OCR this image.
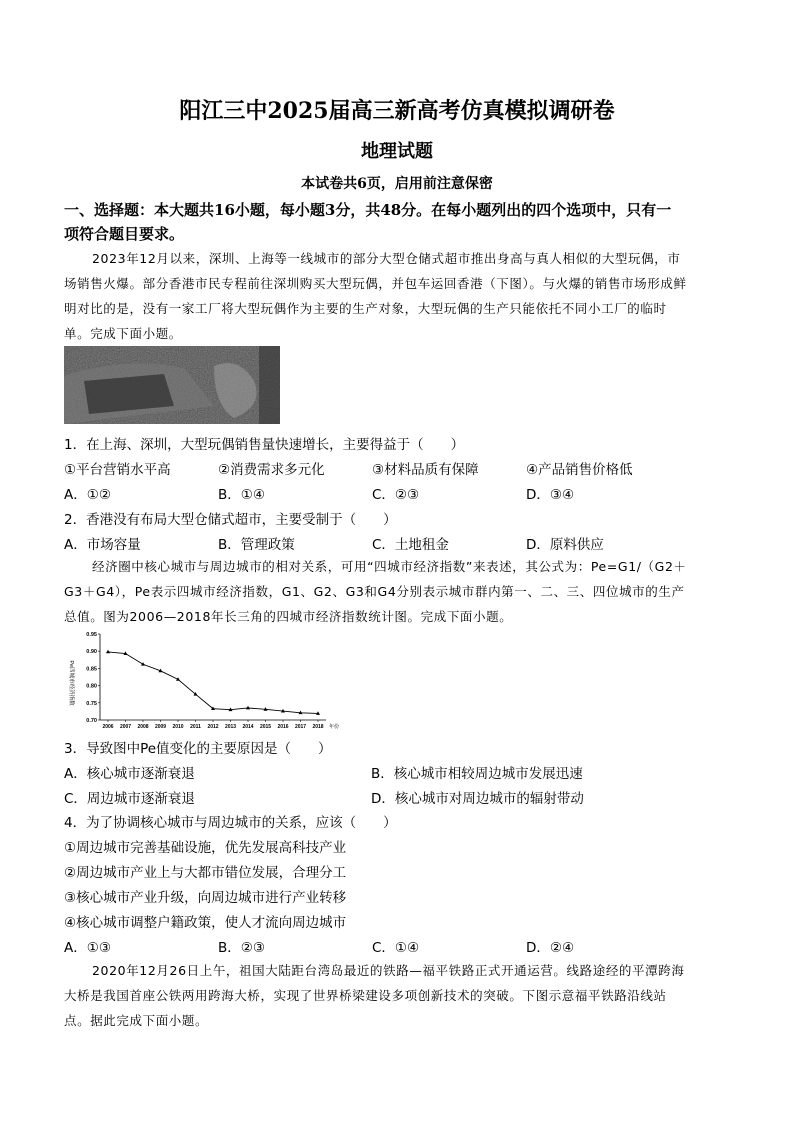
阳江三中2025届高三新高考仿真模拟调研卷
地理试题
本试卷共6页，启用前注意保密
一、选择题：本大题共16小题，每小题3分，共48分。在每小题列出的四个选项中，只有一
项符合题目要求。
2023年12月以来，深圳、上海等一线城市的部分大型仓储式超市推出身高与真人相似的大型玩偶，市
场销售火爆。部分香港市民专程前往深圳购买大型玩偶，并包车运回香港（下图）。与火爆的销售市场形成鲜
明对比的是，没有一家工厂将大型玩偶作为主要的生产对象，大型玩偶的生产只能依托不同小工厂的临时
单。完成下面小题。
1．在上海、深圳，大型玩偶销售量快速增长，主要得益于（　　）
①平台营销水平高	②消费需求多元化	③材料品质有保障	④产品销售价格低
A．①②	B．①④	C．②③	D．③④
2．香港没有布局大型仓储式超市，主要受制于（　　）
A．市场容量	B．管理政策	C．土地租金	D．原料供应
经济圈中核心城市与周边城市的相对关系，可用“四城市经济指数”来表述，其公式为：Pe=G1/（G2＋
G3＋G4），Pe表示四城市经济指数，G1、G2、G3和G4分别表示城市群内第一、二、三、四位城市的生产
总值。图为2006—2018年长三角的四城市经济指数统计图。完成下面小题。
Pe四城市经济指数
0.95
0.90
0.85
0.80
0.75
0.70
2006 2007 2008 2009 2010 2011 2012 2013 2014 2015 2016 2017 2018 年份
3．导致图中Pe值变化的主要原因是（　　）
A．核心城市逐渐衰退	B．核心城市相较周边城市发展迅速
C．周边城市逐渐衰退	D．核心城市对周边城市的辐射带动
4．为了协调核心城市与周边城市的关系，应该（　　）
①周边城市完善基础设施，优先发展高科技产业
②周边城市产业上与大都市错位发展，合理分工
③核心城市产业升级，向周边城市进行产业转移
④核心城市调整户籍政策，使人才流向周边城市
A．①③	B．②③	C．①④	D．②④
2020年12月26日上午，祖国大陆距台湾岛最近的铁路—福平铁路正式开通运营。线路途经的平潭跨海
大桥是我国首座公铁两用跨海大桥，实现了世界桥梁建设多项创新技术的突破。下图示意福平铁路沿线站
点。据此完成下面小题。
